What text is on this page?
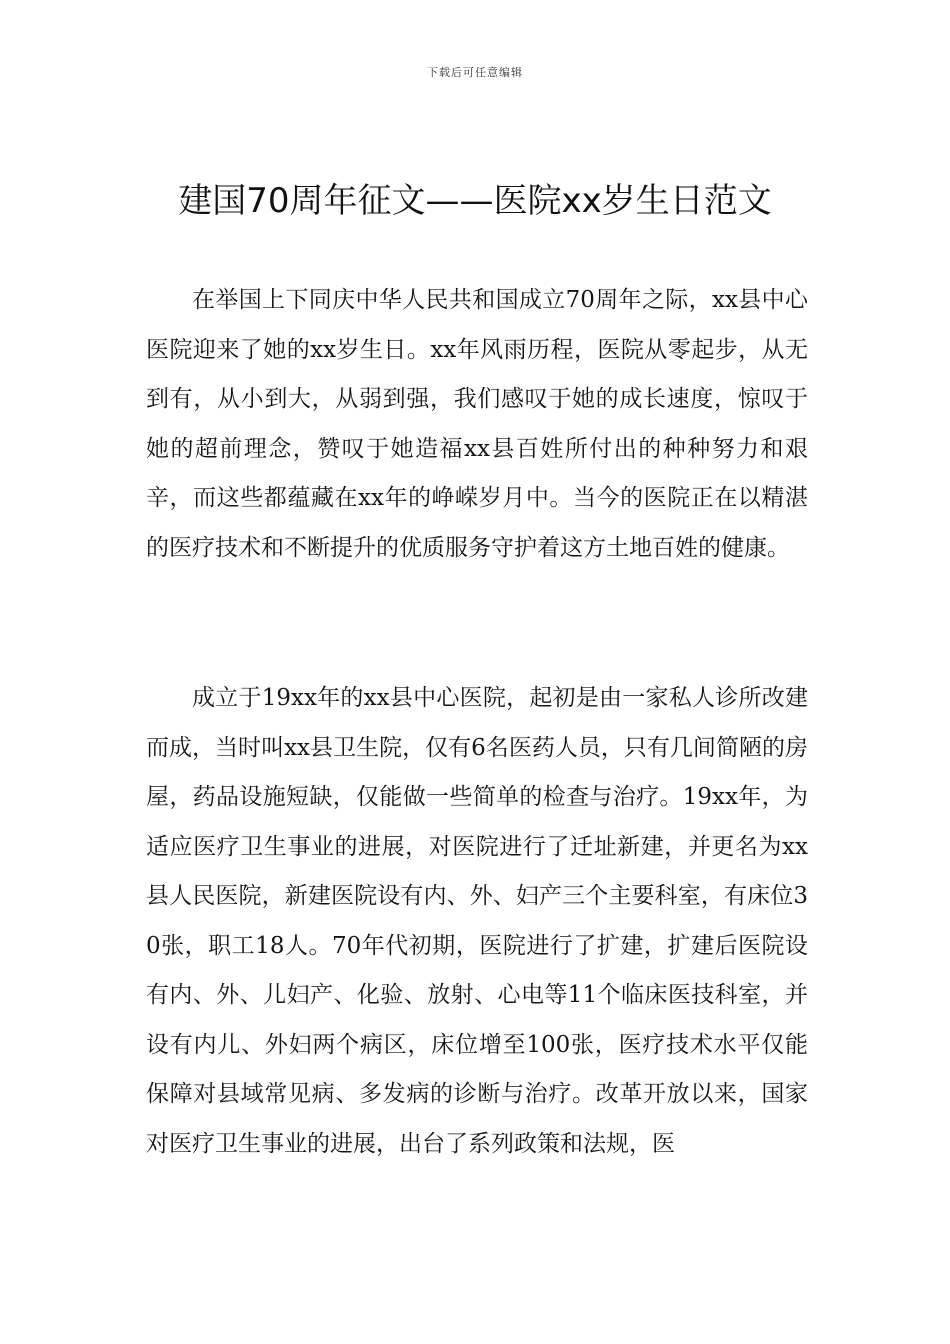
下载后可任意编辑
建国70周年征文——医院xx岁生日范文

在举国上下同庆中华人民共和国成立70周年之际，xx县中心医院迎来了她的xx岁生日。xx年风雨历程，医院从零起步，从无到有，从小到大，从弱到强，我们感叹于她的成长速度，惊叹于她的超前理念，赞叹于她造福xx县百姓所付出的种种努力和艰辛，而这些都蕴藏在xx年的峥嵘岁月中。当今的医院正在以精湛的医疗技术和不断提升的优质服务守护着这方土地百姓的健康。

成立于19xx年的xx县中心医院，起初是由一家私人诊所改建而成，当时叫xx县卫生院，仅有6名医药人员，只有几间简陋的房屋，药品设施短缺，仅能做一些简单的检查与治疗。19xx年，为适应医疗卫生事业的进展，对医院进行了迁址新建，并更名为xx县人民医院，新建医院设有内、外、妇产三个主要科室，有床位30张，职工18人。70年代初期，医院进行了扩建，扩建后医院设有内、外、儿妇产、化验、放射、心电等11个临床医技科室，并设有内儿、外妇两个病区，床位增至100张，医疗技术水平仅能保障对县域常见病、多发病的诊断与治疗。改革开放以来，国家对医疗卫生事业的进展，出台了系列政策和法规，医
